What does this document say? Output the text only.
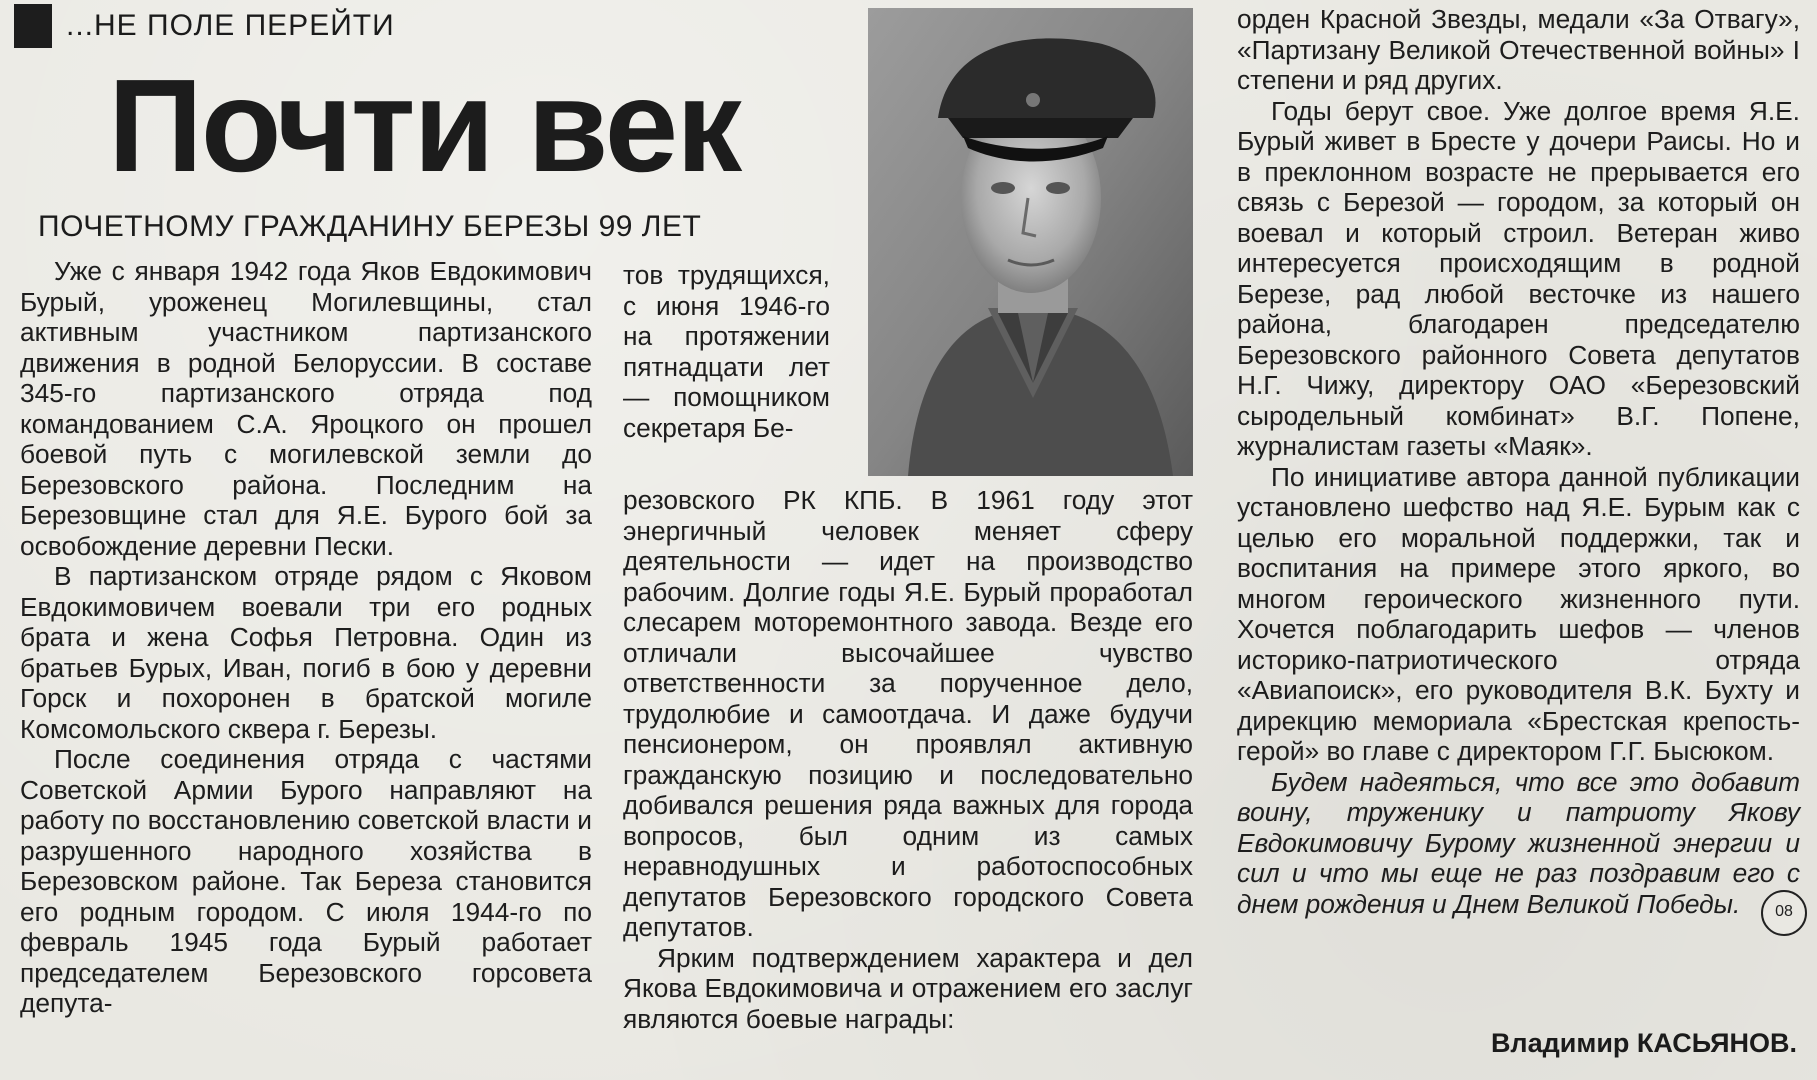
...НЕ ПОЛЕ ПЕРЕЙТИ
Почти век
ПОЧЕТНОМУ ГРАЖДАНИНУ БЕРЕЗЫ 99 ЛЕТ

Уже с января 1942 года Яков Евдокимович Бурый, уроженец Могилевщины, стал активным участником партизанского движения в родной Белоруссии. В составе 345-го партизанского отряда под командованием С.А. Яроцкого он прошел боевой путь с могилевской земли до Березовского района. Последним на Березовщине стал для Я.Е. Бурого бой за освобождение деревни Пески.

В партизанском отряде рядом с Яковом Евдокимовичем воевали три его родных брата и жена Софья Петровна. Один из братьев Бурых, Иван, погиб в бою у деревни Горск и похоронен в братской могиле Комсомольского сквера г. Березы.

После соединения отряда с частями Советской Армии Бурого направляют на работу по восстановлению советской власти и разрушенного народного хозяйства в Березовском районе. Так Береза становится его родным городом. С июля 1944-го по февраль 1945 года Бурый работает председателем Березовского горсовета депута-

тов трудящихся, с июня 1946-го на протяжении пятнадцати лет — помощником секретаря Бе-

резовского РК КПБ. В 1961 году этот энергичный человек меняет сферу деятельности — идет на производство рабочим. Долгие годы Я.Е. Бурый проработал слесарем моторемонтного завода. Везде его отличали высочайшее чувство ответственности за порученное дело, трудолюбие и самоотдача. И даже будучи пенсионером, он проявлял активную гражданскую позицию и последовательно добивался решения ряда важных для города вопросов, был одним из самых неравнодушных и работоспособных депутатов Березовского городского Совета депутатов.

Ярким подтверждением характера и дел Якова Евдокимовича и отражением его заслуг являются боевые награды:

орден Красной Звезды, медали «За Отвагу», «Партизану Великой Отечественной войны» I степени и ряд других.

Годы берут свое. Уже долгое время Я.Е. Бурый живет в Бресте у дочери Раисы. Но и в преклонном возрасте не прерывается его связь с Березой — городом, за который он воевал и который строил. Ветеран живо интересуется происходящим в родной Березе, рад любой весточке из нашего района, благодарен председателю Березовского районного Совета депутатов Н.Г. Чижу, директору ОАО «Березовский сыродельный комбинат» В.Г. Попене, журналистам газеты «Маяк».

По инициативе автора данной публикации установлено шефство над Я.Е. Бурым как с целью его моральной поддержки, так и воспитания на примере этого яркого, во многом героического жизненного пути. Хочется поблагодарить шефов — членов историко-патриотического отряда «Авиапоиск», его руководителя В.К. Бухту и дирекцию мемориала «Брестская крепость-герой» во главе с директором Г.Г. Бысюком.

Будем надеяться, что все это добавит воину, труженику и патриоту Якову Евдокимовичу Бурому жизненной энергии и сил и что мы еще не раз поздравим его с днем рождения и Днем Великой Победы.

Владимир КАСЬЯНОВ.
08
